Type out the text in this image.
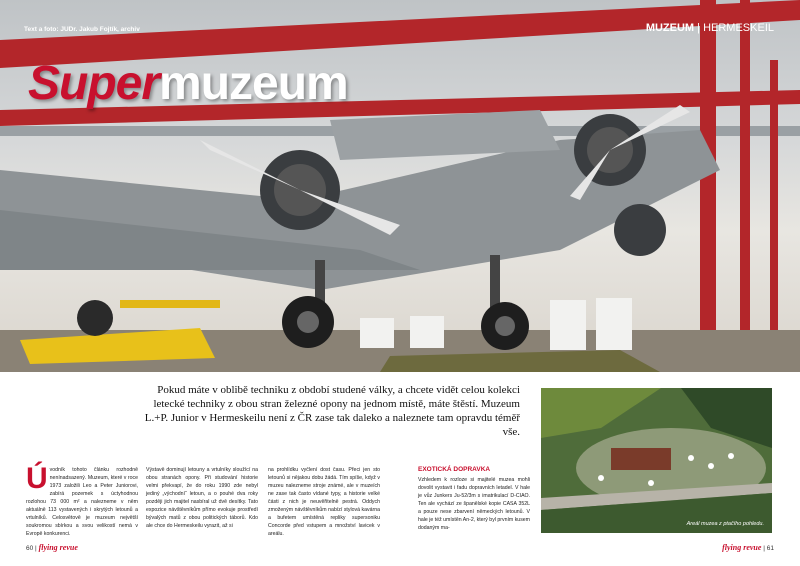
Text a foto: JUDr. Jakub Fojtík, archiv	MUZEUM | HERMESKEIL
Supermuzeum
Pokud máte v oblibě techniku z období studené války, a chcete vidět celou kolekci letecké techniky z obou stran železné opony na jednom místě, máte štěstí. Muzeum L.+P. Junior v Hermeskeilu není z ČR zase tak daleko a naleznete tam opravdu téměř vše.
Ú vodník tohoto článku rozhodně nenínadsazený. Muzeum, které v roce 1973 založili Leo a Peter Juniorovi, zabírá pozemek s úctyhodnou rozlohou 73 000 m² a nalezneme v něm aktuálně 113 vystavených i skrytých letounů a vrtulníků. Celosvětově je muzeum největší soukromou sbírkou a svou velikostí nemá v Evropě konkurenci.
Výstavě dominují letouny a vrtulníky sloužící na obou stranách opony. Při studování historie velmi překvapí, že do roku 1990 zde nebyl jediný „východní“ letoun, a o pouhé dva roky později jich majitel nasbíral už dvě desítky. Tato expozice návštěvníkům přímo evokuje prostředí bývalých matů z obou politických táborů. Kdo ale chce do Hermeskeilu vyrazit, až si
na prohlídku vyčlení dost času. Přeci jen sto letounů si nějakou dobu žádá. Tím spíše, když v muzeu nalezneme stroje známé, ale v muzeích ne zase tak často vídané typy, a historie velké části z nich je neuvěřitelně pestrá. Oddych zmoženým návštěvníkům nabízí stylová kavárna a bufetem umístěná repliky supersoniku Concorde před vstupem a množství lavicek v areálu.
EXOTICKÁ DOPRAVKA
Vzhledem k rozloze si majitelé muzea mohli dovolit vystavit i řadu dopravních letadel. V hale je vůz Junkers Ju-52/3m s imatrikulací D-CIAO. Ten ale vychází ze španělské kopie CASA 352L a pouze nese zbarvení německých letounů. V hale je též umístěn An-2, který byl prvním kusem dodaným ma-
Areál muzea z ptačího pohledu.
60 | flying revue	flying revue | 61
